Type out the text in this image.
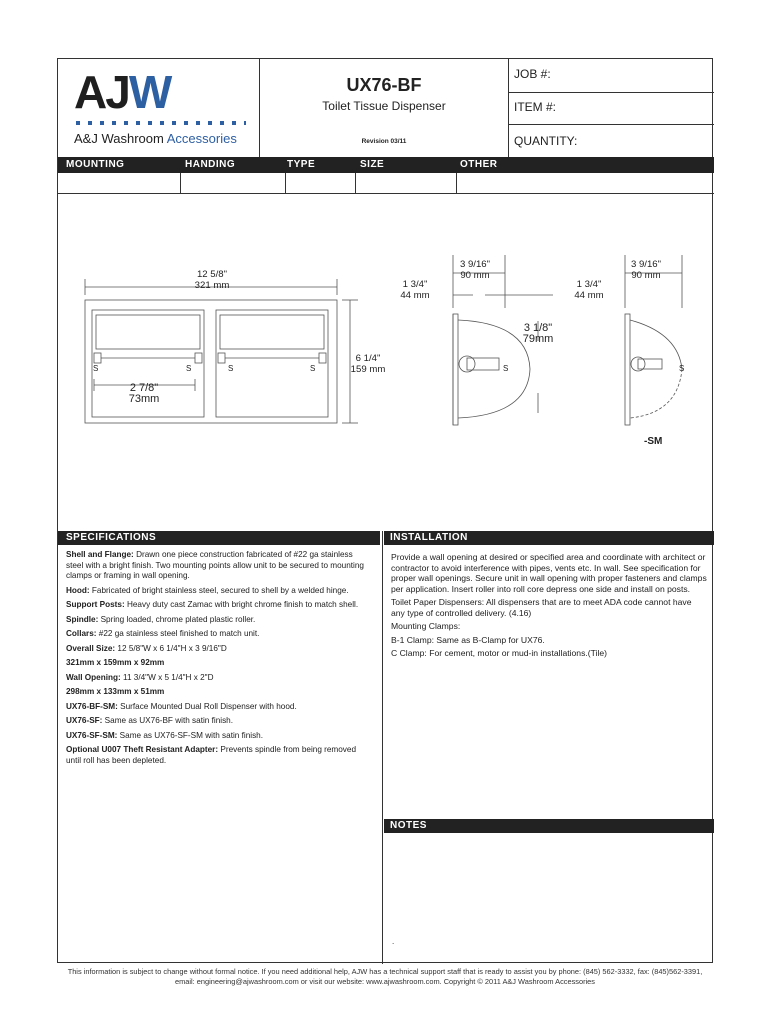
AJW
A&J Washroom Accessories
UX76-BF
Toilet Tissue Dispenser
Revision 03/11
JOB #:
ITEM #:
QUANTITY:
MOUNTING	HANDING	TYPE	SIZE	OTHER
12 5/8"
321 mm
6 1/4"
159 mm
2 7/8"
73mm
S	S	S	S
3 9/16"
90 mm
1 3/4"
44 mm
3 1/8"
79mm
S
3 9/16"
90 mm
1 3/4"
44 mm
S
-SM
SPECIFICATIONS

Shell and Flange: Drawn one piece construction fabricated of #22 ga stainless steel with a bright finish. Two mounting points allow unit to be secured to mounting clamps or framing in wall opening.

Hood: Fabricated of bright stainless steel, secured to shell by a welded hinge.

Support Posts: Heavy duty cast Zamac with bright chrome finish to match shell.

Spindle: Spring loaded, chrome plated plastic roller.

Collars: #22 ga stainless steel finished to match unit.

Overall Size: 12 5/8"W x 6 1/4"H x 3 9/16"D

321mm x 159mm x 92mm

Wall Opening: 11 3/4"W x 5 1/4"H x 2"D

298mm x 133mm x 51mm

UX76-BF-SM: Surface Mounted Dual Roll Dispenser with hood.

UX76-SF: Same as UX76-BF with satin finish.

UX76-SF-SM: Same as UX76-SF-SM with satin finish.

Optional U007 Theft Resistant Adapter: Prevents spindle from being removed until roll has been depleted.

INSTALLATION

Provide a wall opening at desired or specified area and coordinate with architect or contractor to avoid interference with pipes, vents etc. In wall. See specification for proper wall openings. Secure unit in wall opening with proper fasteners and clamps per application. Insert roller into roll core depress one side and install on posts.

Toilet Paper Dispensers: All dispensers that are to meet ADA code cannot have any type of controlled delivery. (4.16)

Mounting Clamps:

B-1 Clamp: Same as B-Clamp for UX76.

C Clamp: For cement, motor or mud-in installations.(Tile)

NOTES
.
This information is subject to change without formal notice. If you need additional help, AJW has a technical support staff that is ready to assist you by phone: (845) 562-3332, fax: (845)562-3391,
email: engineering@ajwashroom.com or visit our website: www.ajwashroom.com. Copyright © 2011 A&J Washroom Accessories
